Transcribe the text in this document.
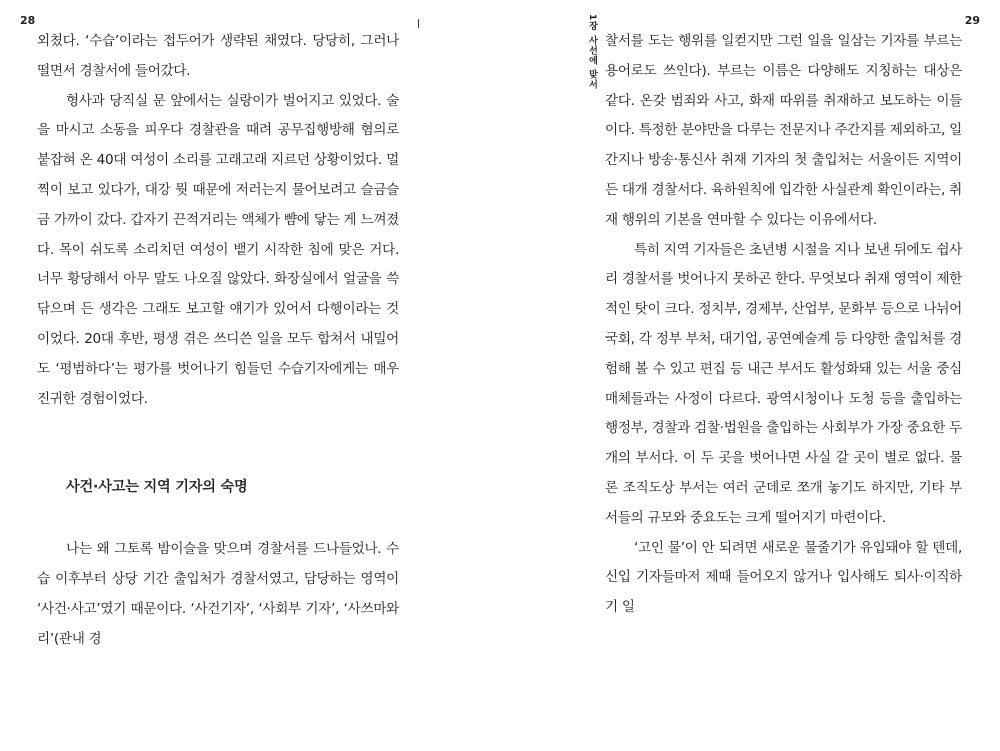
28

외쳤다. ‘수습’이라는 접두어가 생략된 채였다. 당당히, 그러나 떨면서 경찰서에 들어갔다.

형사과 당직실 문 앞에서는 실랑이가 벌어지고 있었다. 술을 마시고 소동을 피우다 경찰관을 때려 공무집행방해 혐의로 붙잡혀 온 40대 여성이 소리를 고래고래 지르던 상황이었다. 멀찍이 보고 있다가, 대강 뭣 때문에 저러는지 물어보려고 슬금슬금 가까이 갔다. 갑자기 끈적거리는 액체가 뺨에 닿는 게 느껴졌다. 목이 쉬도록 소리치던 여성이 뱉기 시작한 침에 맞은 거다. 너무 황당해서 아무 말도 나오질 않았다. 화장실에서 얼굴을 쓱 닦으며 든 생각은 그래도 보고할 얘기가 있어서 다행이라는 것이었다. 20대 후반, 평생 겪은 쓰디쓴 일을 모두 합쳐서 내밀어도 ‘평범하다’는 평가를 벗어나기 힘들던 수습기자에게는 매우 진귀한 경험이었다.

사건·사고는 지역 기자의 숙명

나는 왜 그토록 밤이슬을 맞으며 경찰서를 드나들었나. 수습 이후부터 상당 기간 출입처가 경찰서였고, 담당하는 영역이 ‘사건·사고’였기 때문이다. ‘사건기자’, ‘사회부 기자’, ‘사쓰마와리’(관내 경

1장 사선에 맞서	29

찰서를 도는 행위를 일컫지만 그런 일을 일삼는 기자를 부르는 용어로도 쓰인다). 부르는 이름은 다양해도 지칭하는 대상은 같다. 온갖 범죄와 사고, 화재 따위를 취재하고 보도하는 이들이다. 특정한 분야만을 다루는 전문지나 주간지를 제외하고, 일간지나 방송·통신사 취재 기자의 첫 출입처는 서울이든 지역이든 대개 경찰서다. 육하원칙에 입각한 사실관계 확인이라는, 취재 행위의 기본을 연마할 수 있다는 이유에서다.

특히 지역 기자들은 초년병 시절을 지나 보낸 뒤에도 쉽사리 경찰서를 벗어나지 못하곤 한다. 무엇보다 취재 영역이 제한적인 탓이 크다. 정치부, 경제부, 산업부, 문화부 등으로 나뉘어 국회, 각 정부 부처, 대기업, 공연예술계 등 다양한 출입처를 경험해 볼 수 있고 편집 등 내근 부서도 활성화돼 있는 서울 중심 매체들과는 사정이 다르다. 광역시청이나 도청 등을 출입하는 행정부, 경찰과 검찰·법원을 출입하는 사회부가 가장 중요한 두 개의 부서다. 이 두 곳을 벗어나면 사실 갈 곳이 별로 없다. 물론 조직도상 부서는 여러 군데로 쪼개 놓기도 하지만, 기타 부서들의 규모와 중요도는 크게 떨어지기 마련이다.

‘고인 물’이 안 되려면 새로운 물줄기가 유입돼야 할 텐데, 신입 기자들마저 제때 들어오지 않거나 입사해도 퇴사·이직하기 일
